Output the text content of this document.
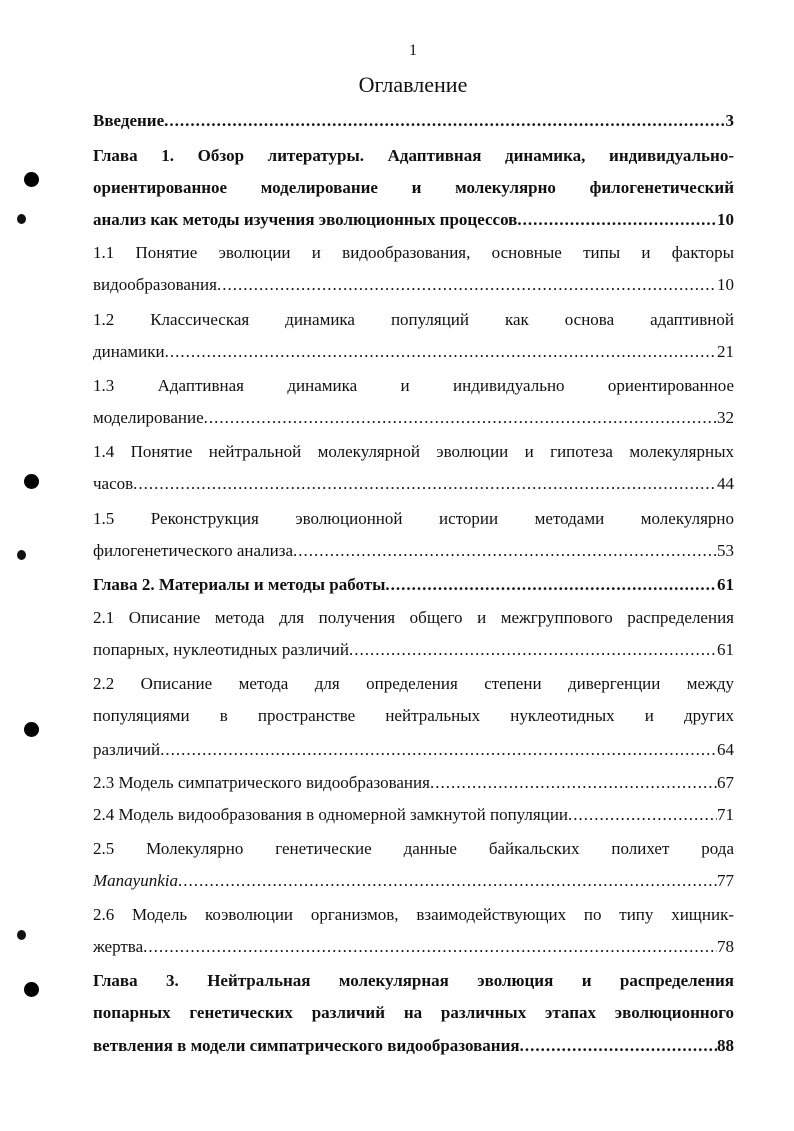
1
Оглавление
Введение .....	3
Глава 1. Обзор литературы. Адаптивная динамика, индивидуально-
ориентированное моделирование и молекулярно филогенетический
анализ как методы изучения эволюционных процессов .....	10
1.1 Понятие эволюции и видообразования, основные типы и факторы
видообразования .....	10
1.2 Классическая динамика популяций как основа адаптивной
динамики .....	21
1.3 Адаптивная динамика и индивидуально ориентированное
моделирование .....	32
1.4 Понятие нейтральной молекулярной эволюции и гипотеза молекулярных
часов .....	44
1.5 Реконструкция эволюционной истории методами молекулярно
филогенетического анализа .....	53
Глава 2. Материалы и методы работы .....	61
2.1 Описание метода для получения общего и межгруппового распределения
попарных, нуклеотидных различий .....	61
2.2 Описание метода для определения степени дивергенции между
популяциями в пространстве нейтральных нуклеотидных и других
различий .....	64
2.3 Модель симпатрического видообразования .....	67
2.4 Модель видообразования в одномерной замкнутой популяции .....	71
2.5 Молекулярно генетические данные байкальских полихет рода
Manayunkia .....	77
2.6 Модель коэволюции организмов, взаимодействующих по типу хищник-
жертва .....	78
Глава 3. Нейтральная молекулярная эволюция и распределения
попарных генетических различий на различных этапах эволюционного
ветвления в модели симпатрического видообразования .....	88
